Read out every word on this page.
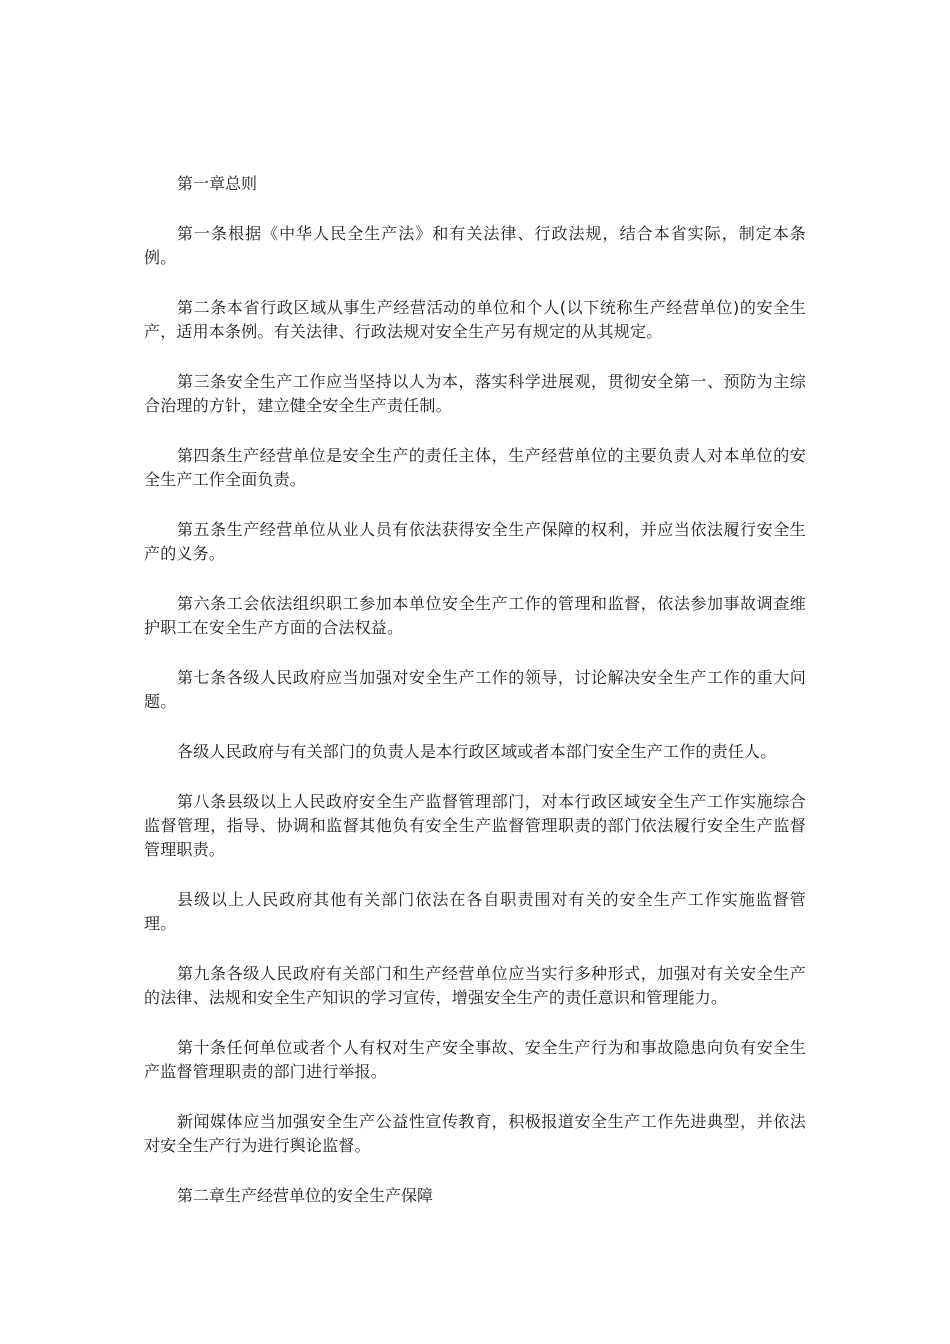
第一章总则

第一条根据《中华人民全生产法》和有关法律、行政法规，结合本省实际，制定本条例。

第二条本省行政区域从事生产经营活动的单位和个人(以下统称生产经营单位)的安全生产，适用本条例。有关法律、行政法规对安全生产另有规定的从其规定。

第三条安全生产工作应当坚持以人为本，落实科学进展观，贯彻安全第一、预防为主综合治理的方针，建立健全安全生产责任制。

第四条生产经营单位是安全生产的责任主体，生产经营单位的主要负责人对本单位的安全生产工作全面负责。

第五条生产经营单位从业人员有依法获得安全生产保障的权利，并应当依法履行安全生产的义务。

第六条工会依法组织职工参加本单位安全生产工作的管理和监督，依法参加事故调查维护职工在安全生产方面的合法权益。

第七条各级人民政府应当加强对安全生产工作的领导，讨论解决安全生产工作的重大问题。

各级人民政府与有关部门的负责人是本行政区域或者本部门安全生产工作的责任人。

第八条县级以上人民政府安全生产监督管理部门，对本行政区域安全生产工作实施综合监督管理，指导、协调和监督其他负有安全生产监督管理职责的部门依法履行安全生产监督管理职责。

县级以上人民政府其他有关部门依法在各自职责围对有关的安全生产工作实施监督管理。

第九条各级人民政府有关部门和生产经营单位应当实行多种形式，加强对有关安全生产的法律、法规和安全生产知识的学习宣传，增强安全生产的责任意识和管理能力。

第十条任何单位或者个人有权对生产安全事故、安全生产行为和事故隐患向负有安全生产监督管理职责的部门进行举报。

新闻媒体应当加强安全生产公益性宣传教育，积极报道安全生产工作先进典型，并依法对安全生产行为进行舆论监督。

第二章生产经营单位的安全生产保障
